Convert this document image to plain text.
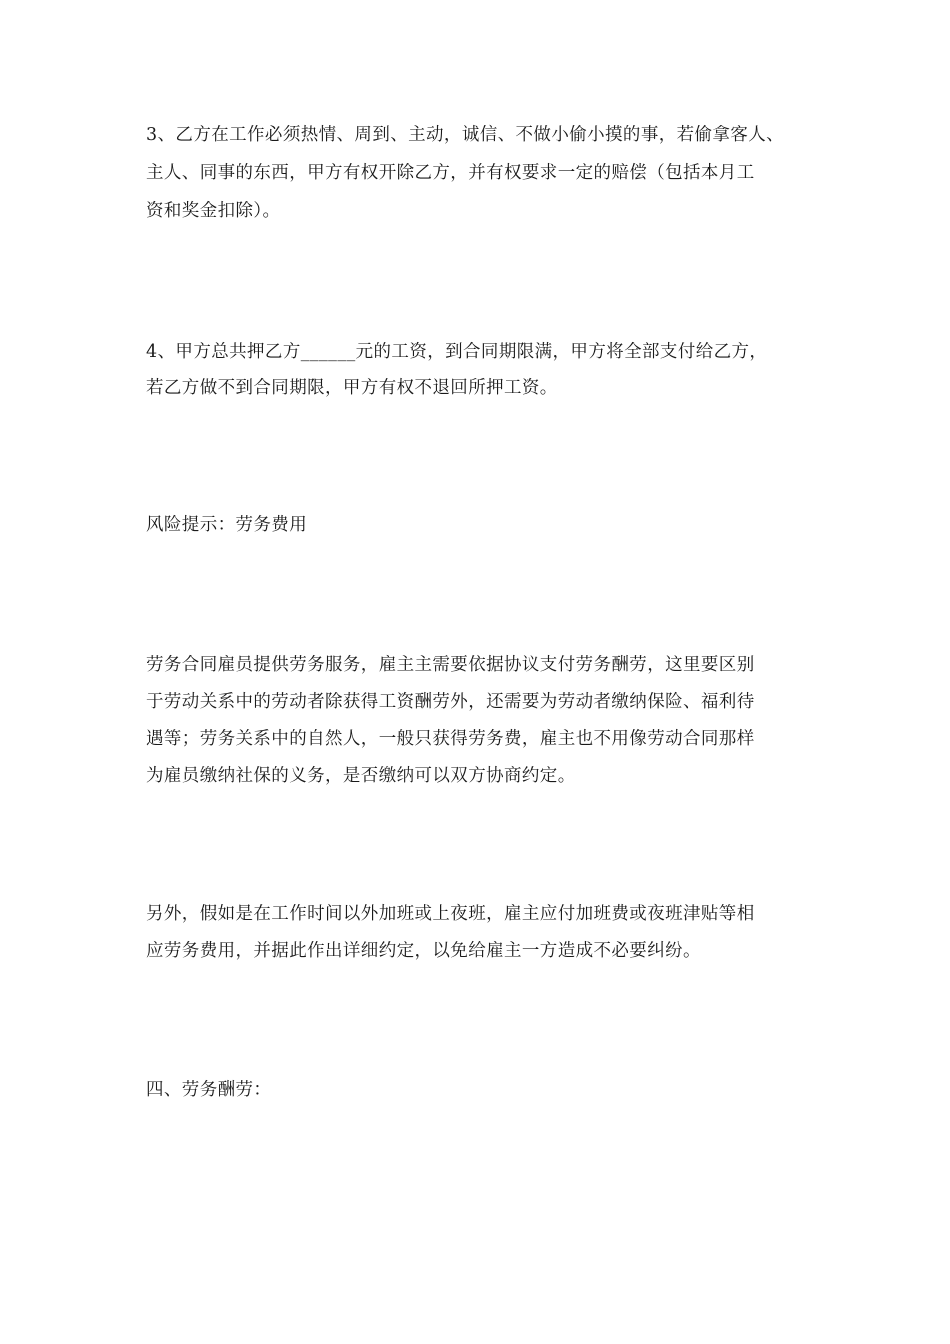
3、乙方在工作必须热情、周到、主动，诚信、不做小偷小摸的事，若偷拿客人、
主人、同事的东西，甲方有权开除乙方，并有权要求一定的赔偿（包括本月工
资和奖金扣除）。
4、甲方总共押乙方______元的工资，到合同期限满，甲方将全部支付给乙方，
若乙方做不到合同期限，甲方有权不退回所押工资。
风险提示：劳务费用
劳务合同雇员提供劳务服务，雇主主需要依据协议支付劳务酬劳，这里要区别
于劳动关系中的劳动者除获得工资酬劳外，还需要为劳动者缴纳保险、福利待
遇等；劳务关系中的自然人，一般只获得劳务费，雇主也不用像劳动合同那样
为雇员缴纳社保的义务，是否缴纳可以双方协商约定。
另外，假如是在工作时间以外加班或上夜班，雇主应付加班费或夜班津贴等相
应劳务费用，并据此作出详细约定，以免给雇主一方造成不必要纠纷。
四、劳务酬劳：
